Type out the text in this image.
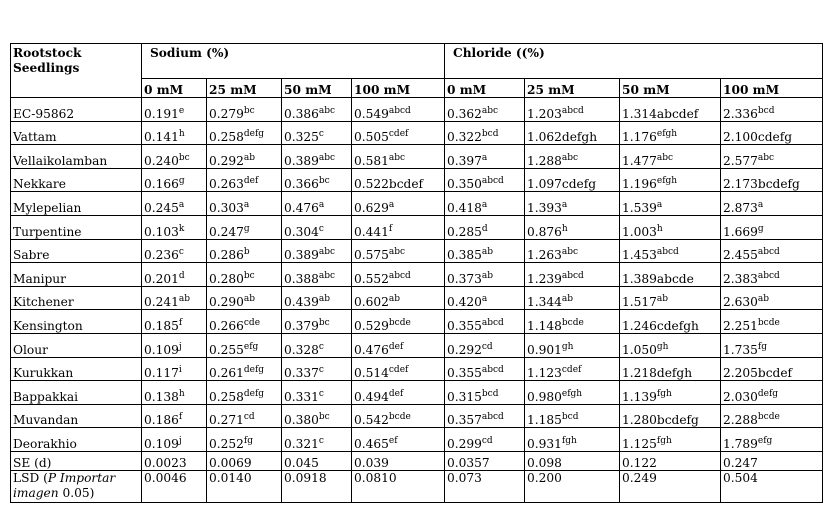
Rootstock
Seedlings	Sodium (%)				Chloride ((%)			
	0 mM	25 mM	50 mM	100 mM	0 mM	25 mM	50 mM	100 mM
EC-95862	0.191e	0.279$^{bc}$	0.386$^{abc}$	$0.549^{abcd}$	0.362$^{abc}$	$1.203^{abcd}$	1.314abcdef	2.336$^{bcd}$
Vattam	0.141$^h$	$0.258^{defg}$	0.325$^c$	$0.505^{cdef}$	0.322$^{bcd}$	1.062defgh	$1.176^{efgh}$	2.100cdefg
Vellaikolamban	0.240$^{bc}$	0.292$^{ab}$	0.389$^{abc}$	0.581$^{abc}$	0.397$^a$	1.288$^{abc}$	1.477$^{abc}$	2.577$^{abc}$
Nekkare	0.166$^g$	0.263$^{def}$	0.366$^{bc}$	0.522bcdef	$0.350^{abcd}$	1.097cdefg	$1.196^{efgh}$	2.173bcdefg
Mylepelian	0.245$^a$	0.303$^a$	0.476$^a$	0.629$^a$	0.418$^a$	1.393$^a$	1.539$^a$	2.873$^a$
Turpentine	0.103$^k$	0.247$^g$	0.304$^c$	0.441$^f$	0.285$^d$	0.876$^h$	1.003$^h$	1.669$^g$
Sabre	0.236$^c$	0.286$^b$	0.389$^{abc}$	0.575$^{abc}$	0.385$^{ab}$	1.263$^{abc}$	$1.453^{abcd}$	$2.455^{abcd}$
Manipur	0.201$^d$	0.280$^{bc}$	0.388$^{abc}$	$0.552^{abcd}$	0.373$^{ab}$	$1.239^{abcd}$	1.389abcde	$2.383^{abcd}$
Kitchener	0.241$^{ab}$	0.290$^{ab}$	0.439$^{ab}$	0.602$^{ab}$	0.420$^a$	1.344$^{ab}$	1.517$^{ab}$	2.630$^{ab}$
Kensington	0.185$^f$	0.266$^{cde}$	0.379$^{bc}$	$0.529^{bcde}$	$0.355^{abcd}$	$1.148^{bcde}$	1.246cdefgh	$2.251^{bcde}$
Olour	0.109$^j$	0.255$^{efg}$	0.328$^c$	0.476$^{def}$	0.292$^{cd}$	0.901$^{gh}$	1.050$^{gh}$	1.735$^{fg}$
Kurukkan	0.117$^i$	$0.261^{defg}$	0.337$^c$	$0.514^{cdef}$	$0.355^{abcd}$	$1.123^{cdef}$	1.218defgh	2.205bcdef
Bappakkai	0.138$^h$	$0.258^{defg}$	0.331$^c$	0.494$^{def}$	0.315$^{bcd}$	$0.980^{efgh}$	1.139$^{fgh}$	$2.030^{defg}$
Muvandan	0.186$^f$	0.271$^{cd}$	0.380$^{bc}$	$0.542^{bcde}$	$0.357^{abcd}$	1.185$^{bcd}$	1.280bcdefg	$2.288^{bcde}$
Deorakhio	0.109$^j$	0.252$^{fg}$	0.321$^c$	0.465$^{ef}$	0.299$^{cd}$	0.931$^{fgh}$	1.125$^{fgh}$	1.789$^{efg}$
SE (d)	0.0023	0.0069	0.045	0.039	0.0357	0.098	0.122	0.247
LSD (P Importar imagen 0.05)	0.0046	0.0140	0.0918	0.0810	0.073	0.200	0.249	0.504
